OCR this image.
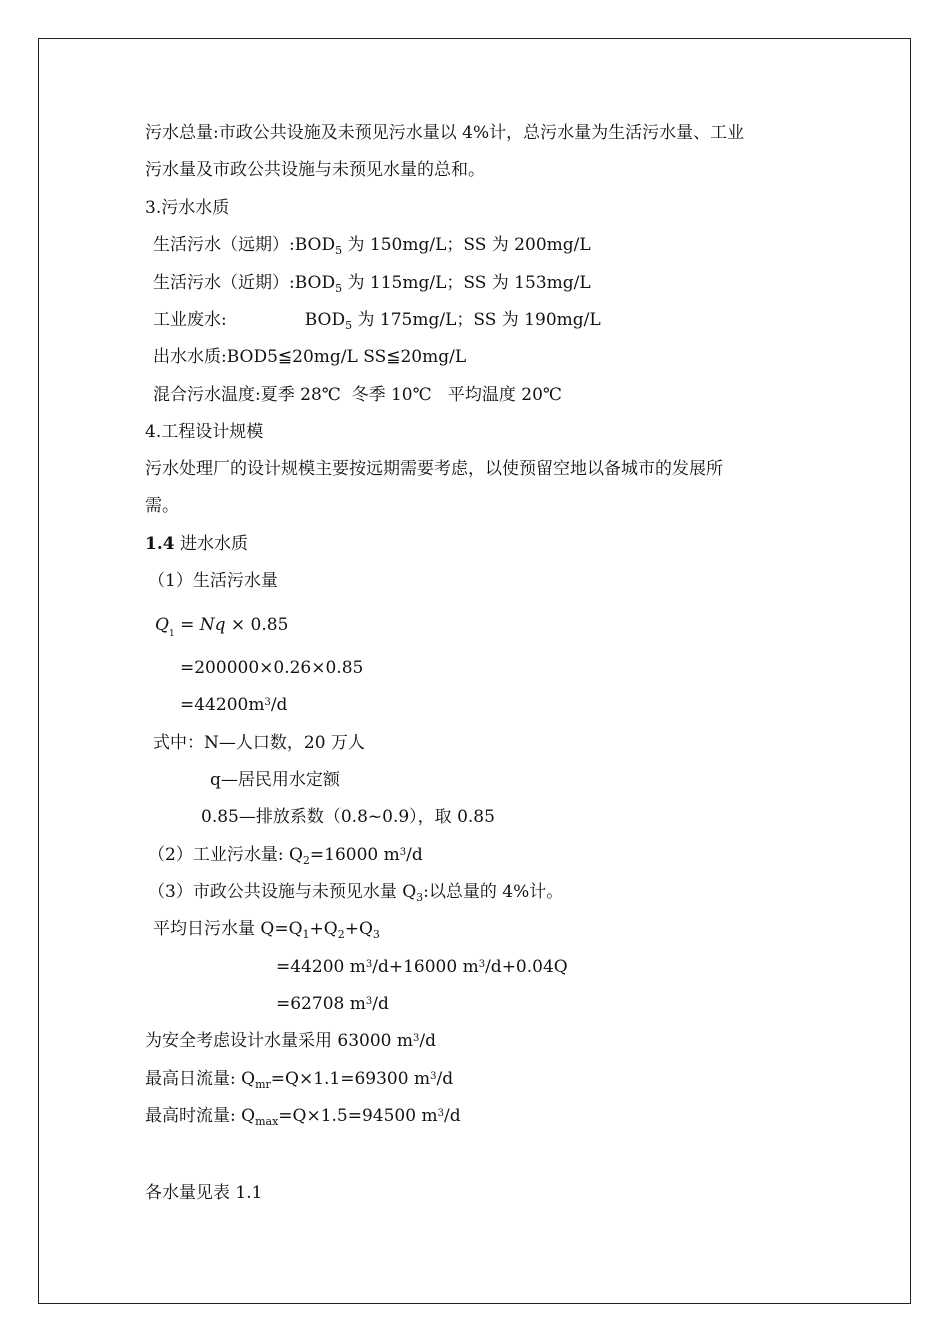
污水总量:市政公共设施及未预见污水量以 4%计，总污水量为生活污水量、工业
污水量及市政公共设施与未预见水量的总和。
3.污水水质
生活污水（远期）$:BOD_5$ 为 150mg/L；SS 为 200mg/L
生活污水（近期）$:BOD_5$ 为 115mg/L；SS 为 153mg/L
工业废水:	$BOD_5$ 为 175mg/L；SS 为 190mg/L
出水水质:BOD5≦20mg/L SS≦20mg/L
混合污水温度:夏季 28℃  冬季 10℃   平均温度 20℃
4.工程设计规模
污水处理厂的设计规模主要按远期需要考虑，以使预留空地以备城市的发展所
需。
1.4 进水水质
（1）生活污水量
$Q_1 = Nq \times 0.85$
=200000×0.26×0.85
$=44200m^3/d$
式中：N—人口数，20 万人
q—居民用水定额
0.85—排放系数（0.8~0.9），取 0.85
（2）工业污水量: $Q_2=16000$ $m^3/d$
（3）市政公共设施与未预见水量 $Q_3$:以总量的 4%计。
平均日污水量 $Q=Q_1+Q_2+Q_3$
=44200 $m^3/d+16000$ $m^3/d+0.04Q$
=62708 $m^3/d$
为安全考虑设计水量采用 63000 $m^3/d$
最高日流量: $Q_{mr}=Q\times 1.1=69300$ $m^3/d$
最高时流量: $Q_{max}=Q\times 1.5=94500$ $m^3/d$
各水量见表 1.1
